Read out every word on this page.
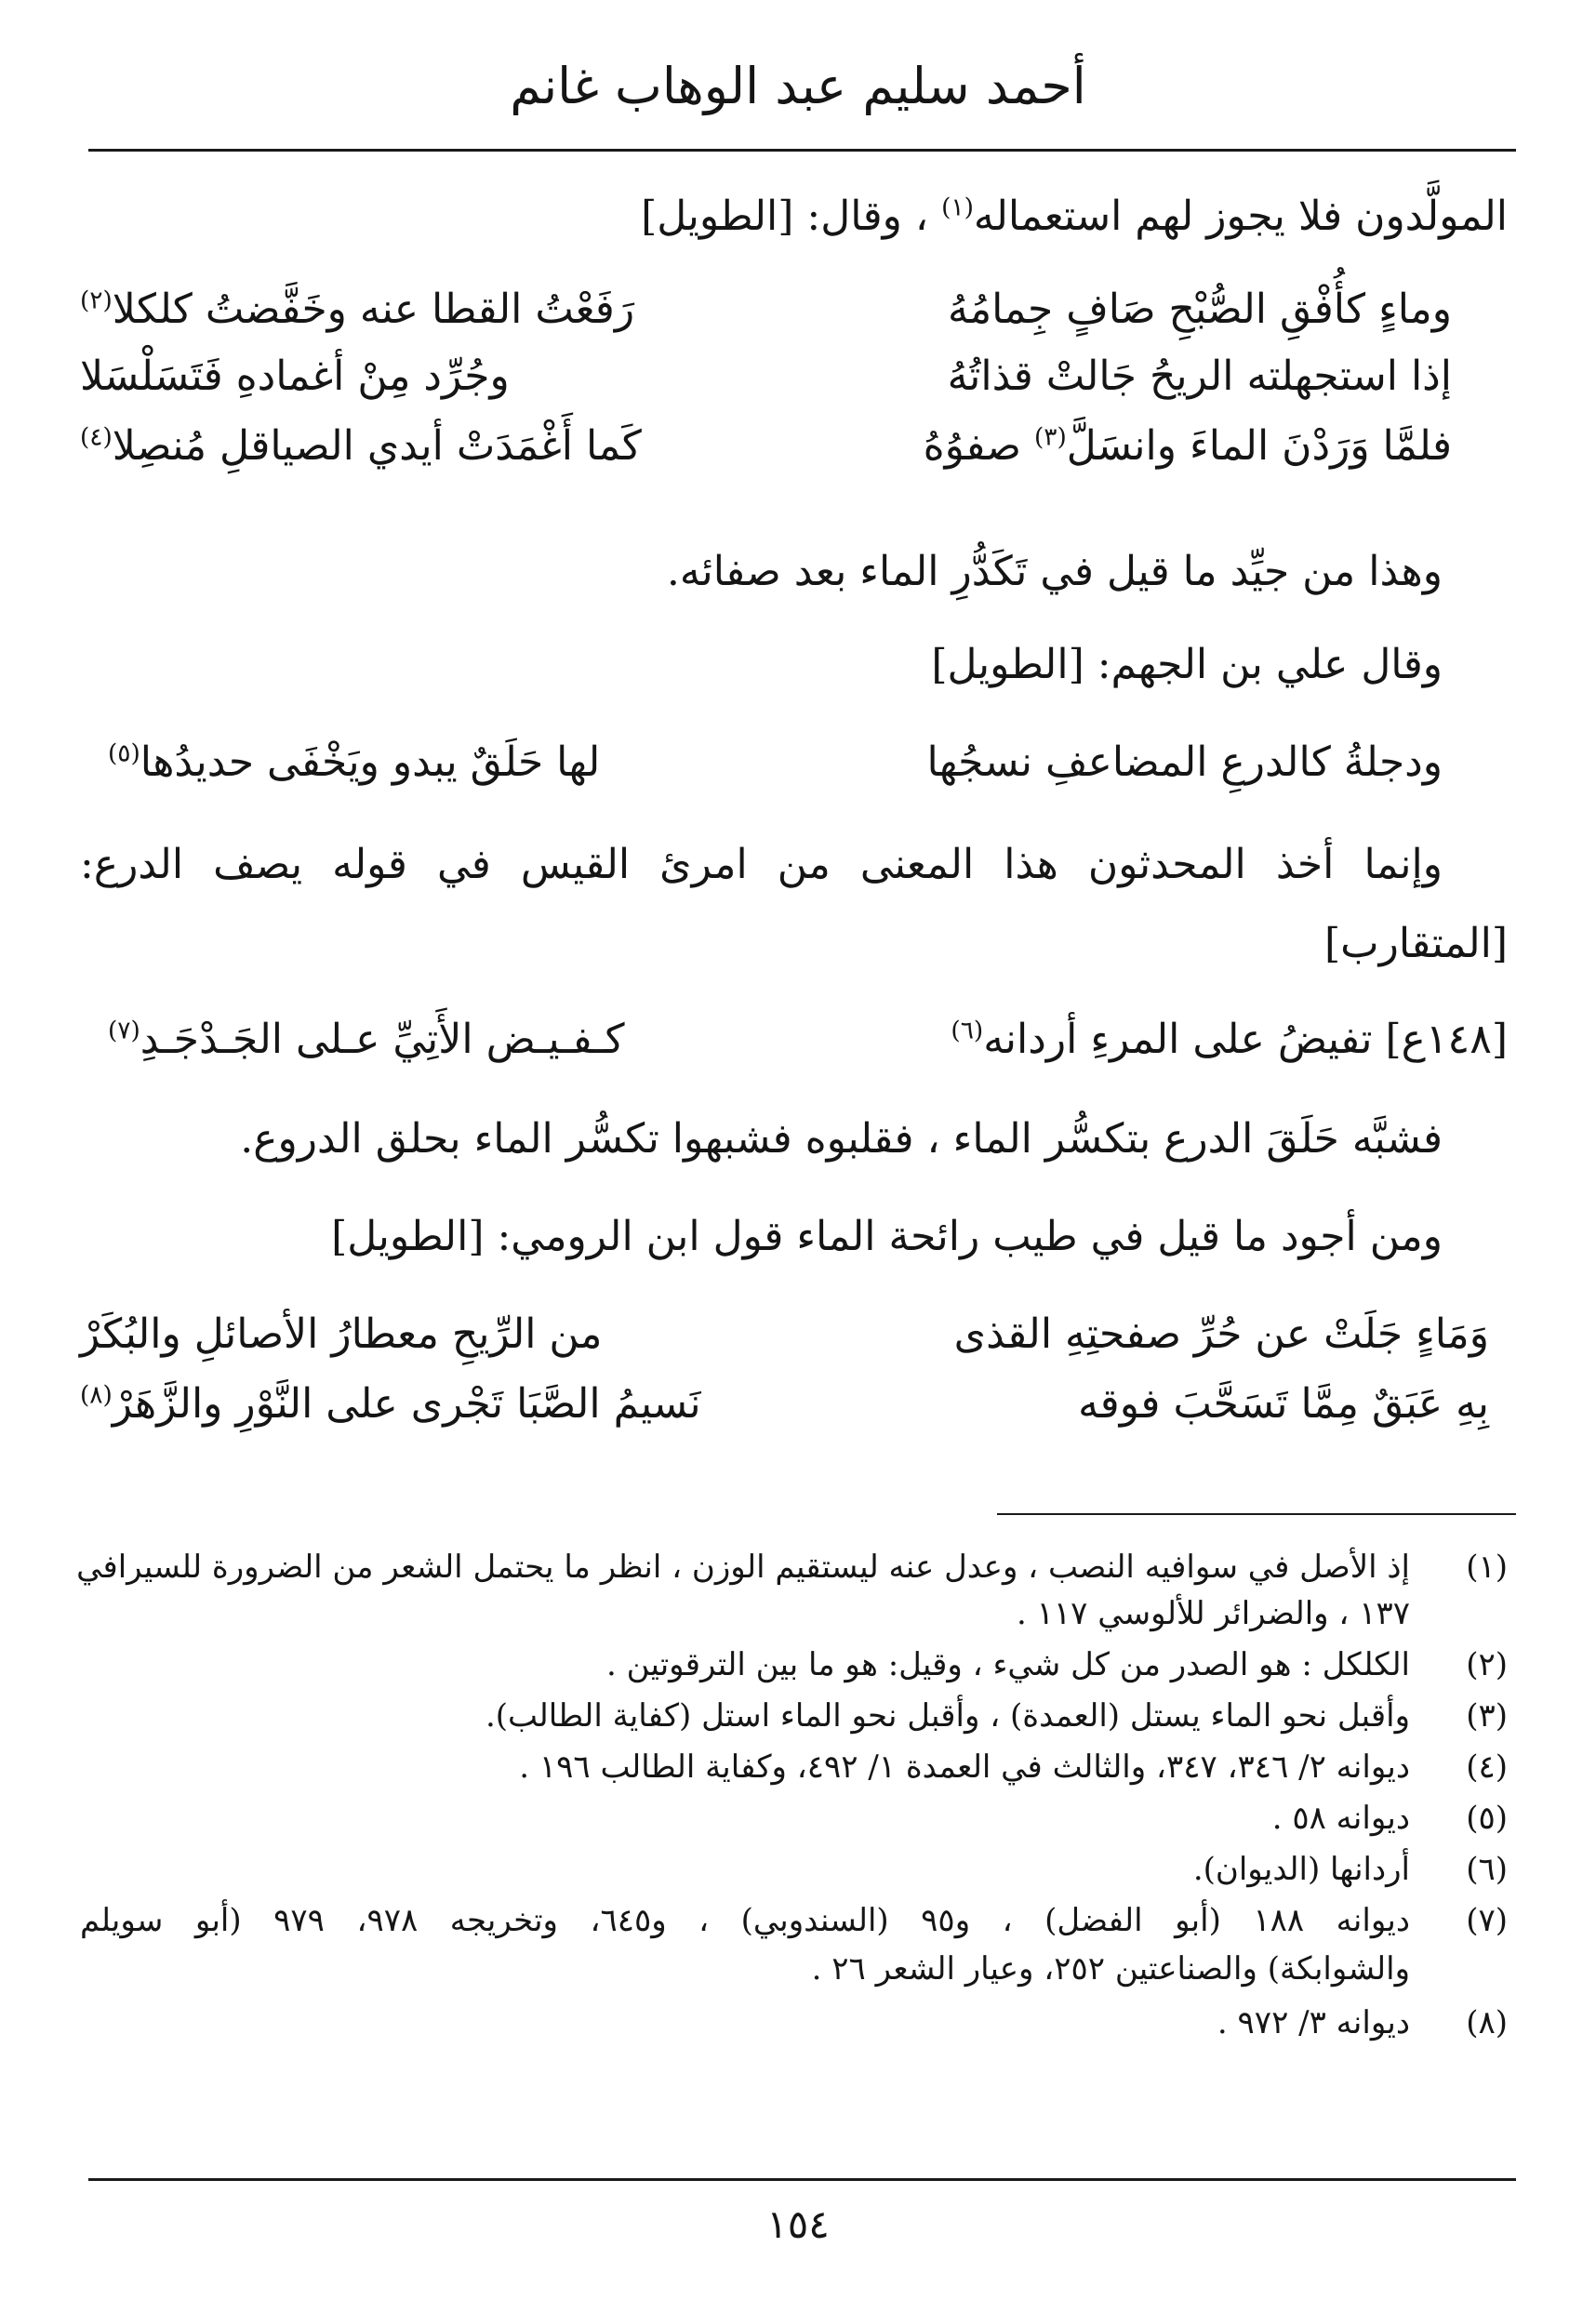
أحمد سليم عبد الوهاب غانم
المولَّدون فلا يجوز لهم استعماله$^{(١)}$ ، وقال: [الطويل]
وماءٍ كأُفْقِ الصُّبْحِ صَافٍ جِمامُهُ
رَفَعْتُ القطا عنه وخَفَّضتُ كلكلا$^{(٢)}$
إذا استجهلته الريحُ جَالتْ قذاتُهُ
وجُرِّد مِنْ أغمادهِ فَتَسَلْسَلا
فلمَّا وَرَدْنَ الماءَ وانسَلَّ$^{(٣)}$ صفوُهُ
كَما أَغْمَدَتْ أيدي الصياقلِ مُنصِلا$^{(٤)}$
وهذا من جيِّد ما قيل في تَكَدُّرِ الماء بعد صفائه.
وقال علي بن الجهم: [الطويل]
ودجلةُ كالدرعِ المضاعفِ نسجُها
لها حَلَقٌ يبدو ويَخْفَى حديدُها$^{(٥)}$
وإنما أخذ المحدثون هذا المعنى من امرئ القيس في قوله يصف الدرع:
[المتقارب]
[١٤٨ع] تفيضُ على المرءِ أردانه$^{(٦)}$
كـفـيـض الأَتِيِّ عـلى الجَـدْجَـدِ$^{(٧)}$
فشبَّه حَلَقَ الدرع بتكسُّر الماء ، فقلبوه فشبهوا تكسُّر الماء بحلق الدروع.
ومن أجود ما قيل في طيب رائحة الماء قول ابن الرومي: [الطويل]
وَمَاءٍ جَلَتْ عن حُرِّ صفحتِهِ القذى
من الرِّيحِ معطارُ الأصائلِ والبُكَرْ
بِهِ عَبَقٌ مِمَّا تَسَحَّبَ فوقه
نَسيمُ الصَّبَا تَجْرى على النَّوْرِ والزَّهَرْ$^{(٨)}$
(١)
إذ الأصل في سوافيه النصب ، وعدل عنه ليستقيم الوزن ، انظر ما يحتمل الشعر من الضرورة للسيرافي
١٣٧ ، والضرائر للألوسي ١١٧ .
(٢)
الكلكل : هو الصدر من كل شيء ، وقيل: هو ما بين الترقوتين .
(٣)
وأقبل نحو الماء يستل (العمدة) ، وأقبل نحو الماء استل (كفاية الطالب).
(٤)
ديوانه ٢/ ٣٤٦، ٣٤٧، والثالث في العمدة ١/ ٤٩٢، وكفاية الطالب ١٩٦ .
(٥)
ديوانه ٥٨ .
(٦)
أردانها (الديوان).
(٧)
ديوانه ١٨٨ (أبو الفضل) ، و٩٥ (السندوبي) ، و٦٤٥، وتخريجه ٩٧٨، ٩٧٩ (أبو سويلم
والشوابكة) والصناعتين ٢٥٢، وعيار الشعر ٢٦ .
(٨)
ديوانه ٣/ ٩٧٢ .
١٥٤
